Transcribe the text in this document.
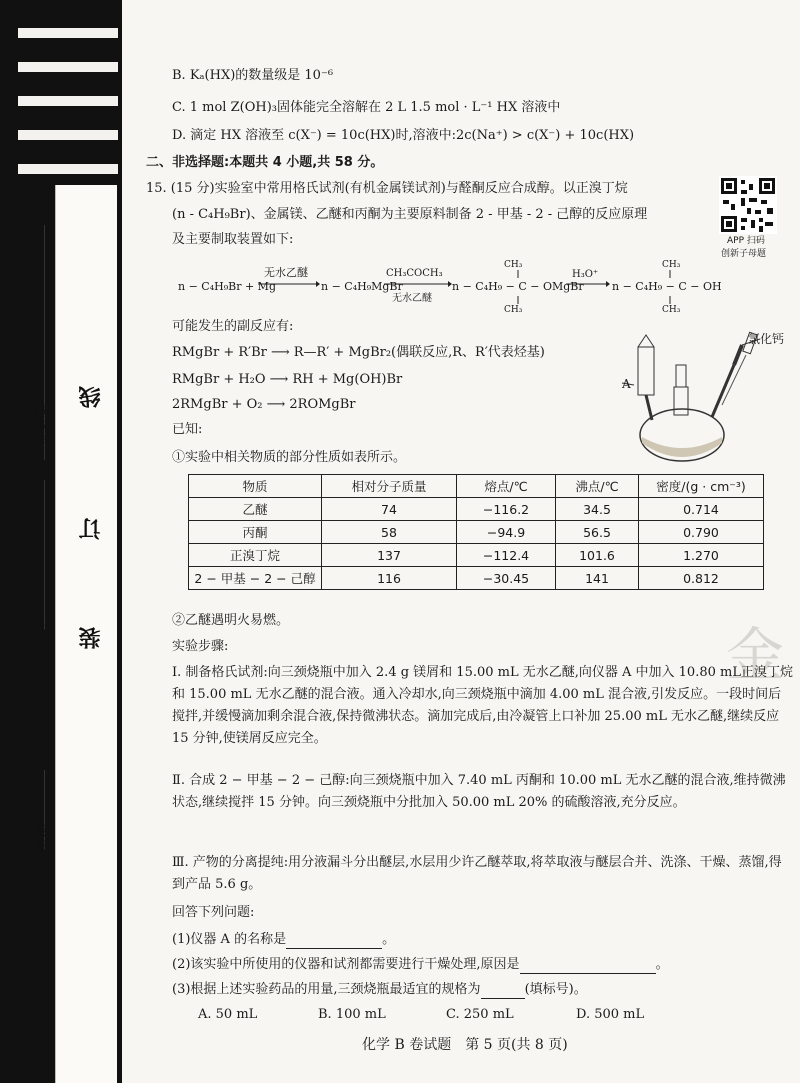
考生号
线
订
姓名 装
班级
B. Kₐ(HX)的数量级是 10⁻⁶
C. 1 mol Z(OH)₃固体能完全溶解在 2 L 1.5 mol · L⁻¹ HX 溶液中
D. 滴定 HX 溶液至 c(X⁻) = 10c(HX)时,溶液中:2c(Na⁺) > c(X⁻) + 10c(HX)
二、非选择题:本题共 4 小题,共 58 分。
15. (15 分)实验室中常用格氏试剂(有机金属镁试剂)与醛酮反应合成醇。以正溴丁烷
(n - C₄H₉Br)、金属镁、乙醚和丙酮为主要原料制备 2 - 甲基 - 2 - 己醇的反应原理
及主要制取装置如下:	APP 扫码
创新子母题
n − C₄H₉Br + Mg
无水乙醚
n − C₄H₉MgBr
CH₃COCH₃
无水乙醚
CH₃
n − C₄H₉ − C − OMgBr
CH₃
H₃O⁺
CH₃
n − C₄H₉ − C − OH
CH₃
可能发生的副反应有:
RMgBr + R′Br ⟶ R—R′ + MgBr₂(偶联反应,R、R′代表烃基)
RMgBr + H₂O ⟶ RH + Mg(OH)Br
2RMgBr + O₂ ⟶ 2ROMgBr
已知:
①实验中相关物质的部分性质如表所示。
A
氯化钙
物质	相对分子质量	熔点/℃	沸点/℃	密度/(g · cm⁻³)
乙醚	74	−116.2	34.5	0.714
丙酮	58	−94.9	56.5	0.790
正溴丁烷	137	−112.4	101.6	1.270
2 − 甲基 − 2 − 己醇	116	−30.45	141	0.812
金
②乙醚遇明火易燃。
实验步骤:
Ⅰ. 制备格氏试剂:向三颈烧瓶中加入 2.4 g 镁屑和 15.00 mL 无水乙醚,向仪器 A 中加入 10.80 mL正溴丁烷和 15.00 mL 无水乙醚的混合液。通入冷却水,向三颈烧瓶中滴加 4.00 mL 混合液,引发反应。一段时间后搅拌,并缓慢滴加剩余混合液,保持微沸状态。滴加完成后,由冷凝管上口补加 25.00 mL 无水乙醚,继续反应 15 分钟,使镁屑反应完全。
Ⅱ. 合成 2 − 甲基 − 2 − 己醇:向三颈烧瓶中加入 7.40 mL 丙酮和 10.00 mL 无水乙醚的混合液,维持微沸状态,继续搅拌 15 分钟。向三颈烧瓶中分批加入 50.00 mL 20% 的硫酸溶液,充分反应。
Ⅲ. 产物的分离提纯:用分液漏斗分出醚层,水层用少许乙醚萃取,将萃取液与醚层合并、洗涤、干燥、蒸馏,得到产品 5.6 g。
回答下列问题:
(1)仪器 A 的名称是	。
(2)该实验中所使用的仪器和试剂都需要进行干燥处理,原因是	。
(3)根据上述实验药品的用量,三颈烧瓶最适宜的规格为	(填标号)。
A. 50 mL	B. 100 mL	C. 250 mL	D. 500 mL
化学 B 卷试题　第 5 页(共 8 页)
